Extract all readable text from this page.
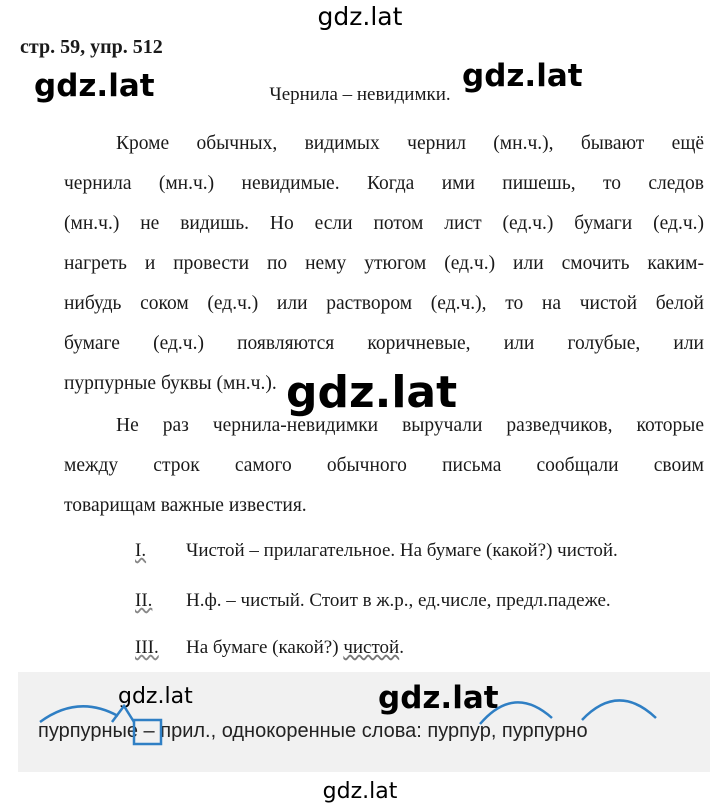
gdz.lat
стр. 59, упр. 512
gdz.lat	Чернила – невидимки.
gdz.lat
Кроме обычных, видимых чернил (мн.ч.), бывают ещё
чернила (мн.ч.) невидимые. Когда ими пишешь, то следов
(мн.ч.) не видишь. Но если потом лист (ед.ч.) бумаги (ед.ч.)
нагреть и провести по нему утюгом (ед.ч.) или смочить каким-
нибудь соком (ед.ч.) или раствором (ед.ч.), то на чистой белой
бумаге (ед.ч.) появляются коричневые, или голубые, или
пурпурные буквы (мн.ч.). gdz.lat
Не раз чернила-невидимки выручали разведчиков, которые
между строк самого обычного письма сообщали своим
товарищам важные известия.
I. Чистой – прилагательное. На бумаге (какой?) чистой.
II. Н.ф. – чистый. Стоит в ж.р., ед.числе, предл.падеже.
III. На бумаге (какой?) чистой.
gdz.lat	gdz.lat
пурпурные – прил., однокоренные слова: пурпур, пурпурно
gdz.lat
